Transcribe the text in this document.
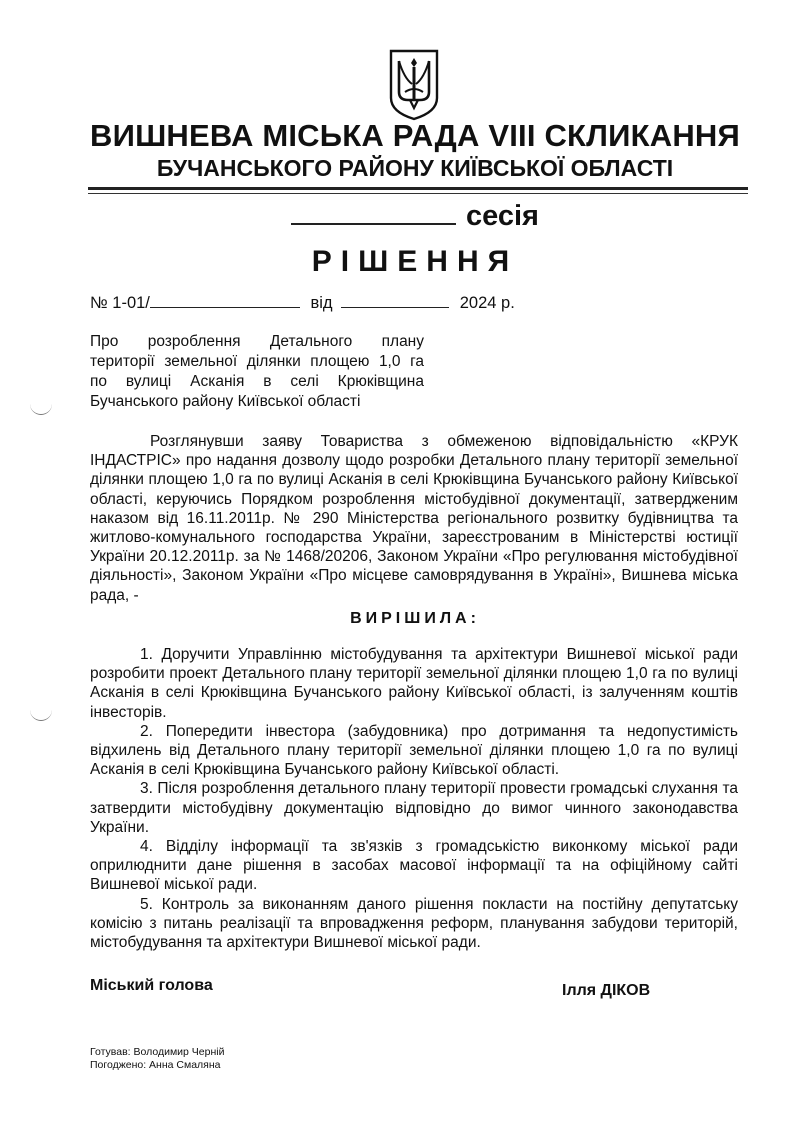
ВИШНЕВА МІСЬКА РАДА VІІІ СКЛИКАННЯ
БУЧАНСЬКОГО РАЙОНУ КИЇВСЬКОЇ ОБЛАСТІ
сесія
РІШЕННЯ
№ 1-01/	від	2024 р.
Про розроблення Детального плану
території земельної ділянки площею 1,0 га
по вулиці Асканія в селі Крюківщина
Бучанського району Київської області

Розглянувши заяву Товариства з обмеженою відповідальністю «КРУК ІНДАСТРІС» про надання дозволу щодо розробки Детального плану території земельної ділянки площею 1,0 га по вулиці Асканія в селі Крюківщина Бучанського району Київської області, керуючись Порядком розроблення містобудівної документації, затвердженим наказом від 16.11.2011р. № 290 Міністерства регіонального розвитку будівництва та житлово-комунального господарства України, зареєстрованим в Міністерстві юстиції України 20.12.2011р. за № 1468/20206, Законом України «Про регулювання містобудівної діяльності», Законом України «Про місцеве самоврядування в Україні», Вишнева міська рада, -

ВИРІШИЛА:

1. Доручити Управлінню містобудування та архітектури Вишневої міської ради розробити проект Детального плану території земельної ділянки площею 1,0 га по вулиці Асканія в селі Крюківщина Бучанського району Київської області, із залученням коштів інвесторів.

2. Попередити інвестора (забудовника) про дотримання та недопустимість відхилень від Детального плану території земельної ділянки площею 1,0 га по вулиці Асканія в селі Крюківщина Бучанського району Київської області.

3. Після розроблення детального плану території провести громадські слухання та затвердити містобудівну документацію відповідно до вимог чинного законодавства України.

4. Відділу інформації та зв'язків з громадськістю виконкому міської ради оприлюднити дане рішення в засобах масової інформації та на офіційному сайті Вишневої міської ради.

5. Контроль за виконанням даного рішення покласти на постійну депутатську комісію з питань реалізації та впровадження реформ, планування забудови територій, містобудування та архітектури Вишневої міської ради.

Міський голова	Ілля ДІКОВ
Готував: Володимир Черній
Погоджено: Анна Смаляна
